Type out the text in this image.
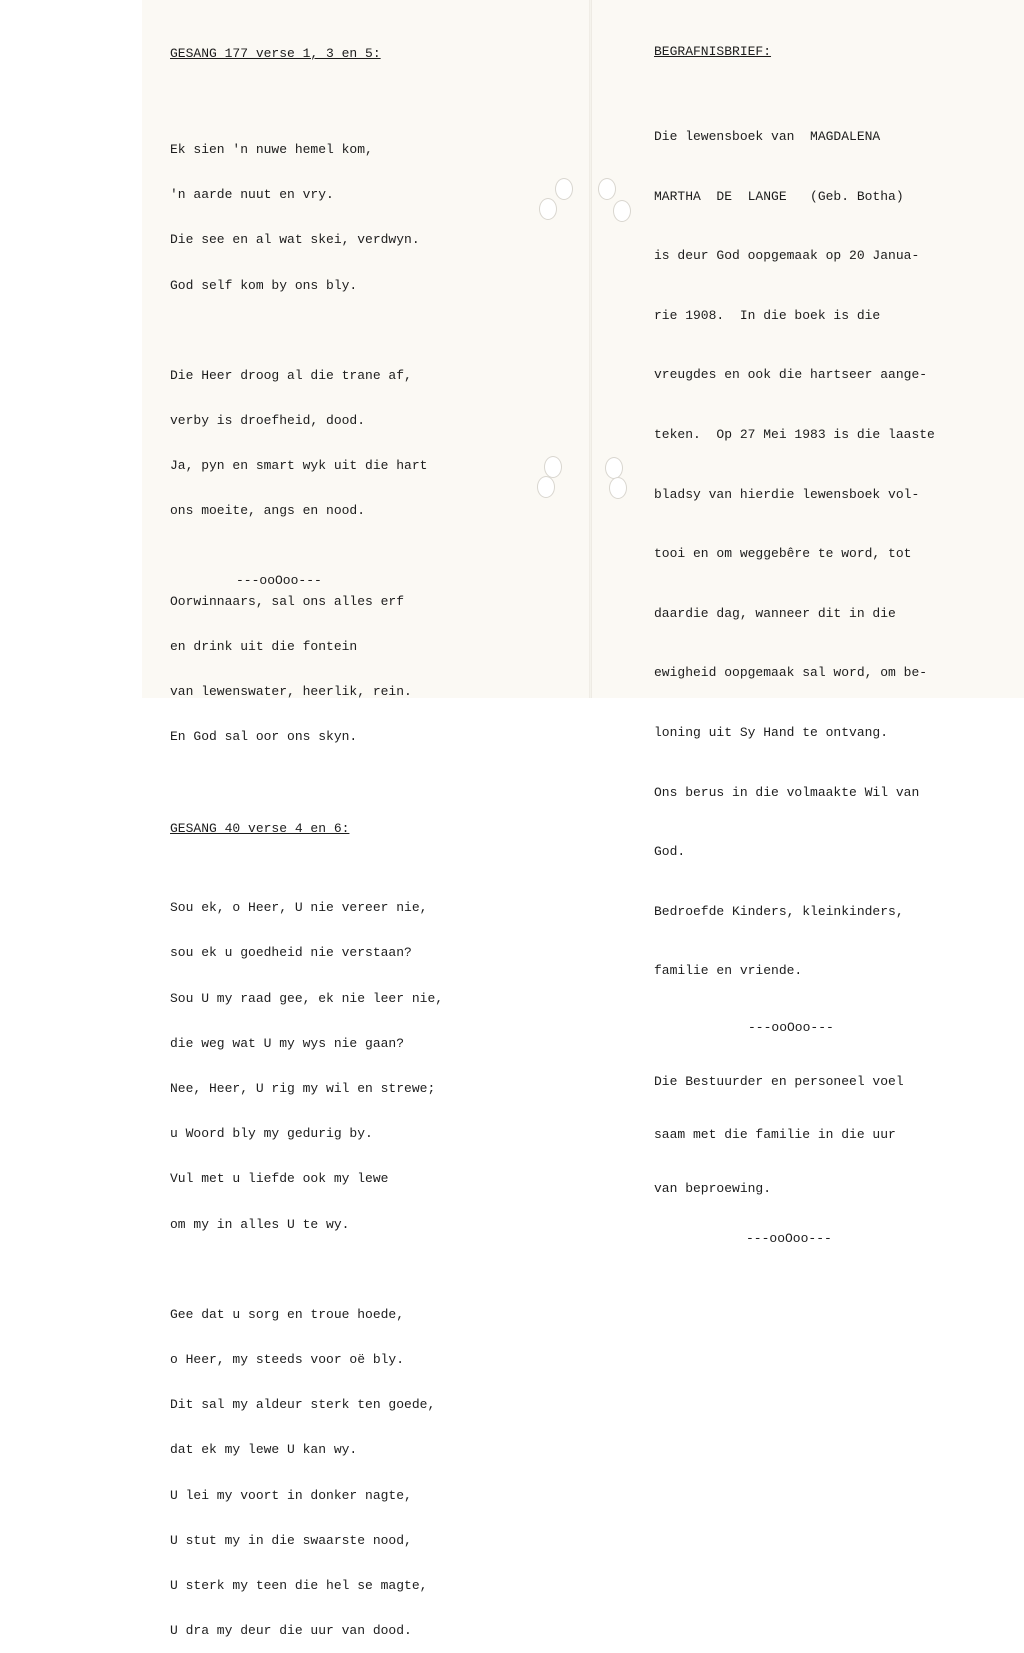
GESANG 177 verse 1, 3 en 5:

Ek sien 'n nuwe hemel kom,

'n aarde nuut en vry.

Die see en al wat skei, verdwyn.

God self kom by ons bly.

Die Heer droog al die trane af,

verby is droefheid, dood.

Ja, pyn en smart wyk uit die hart

ons moeite, angs en nood.

Oorwinnaars, sal ons alles erf

en drink uit die fontein

van lewenswater, heerlik, rein.

En God sal oor ons skyn.

GESANG 40 verse 4 en 6:

Sou ek, o Heer, U nie vereer nie,

sou ek u goedheid nie verstaan?

Sou U my raad gee, ek nie leer nie,

die weg wat U my wys nie gaan?

Nee, Heer, U rig my wil en strewe;

u Woord bly my gedurig by.

Vul met u liefde ook my lewe

om my in alles U te wy.

Gee dat u sorg en troue hoede,

o Heer, my steeds voor oë bly.

Dit sal my aldeur sterk ten goede,

dat ek my lewe U kan wy.

U lei my voort in donker nagte,

U stut my in die swaarste nood,

U sterk my teen die hel se magte,

U dra my deur die uur van dood.

---ooOoo---

BEGRAFNISBRIEF:

Die lewensboek van  MAGDALENA

MARTHA  DE  LANGE   (Geb. Botha)

is deur God oopgemaak op 20 Janua-

rie 1908.  In die boek is die

vreugdes en ook die hartseer aange-

teken.  Op 27 Mei 1983 is die laaste

bladsy van hierdie lewensboek vol-

tooi en om weggebêre te word, tot

daardie dag, wanneer dit in die

ewigheid oopgemaak sal word, om be-

loning uit Sy Hand te ontvang.

Ons berus in die volmaakte Wil van

God.

Bedroefde Kinders, kleinkinders,

familie en vriende.

---ooOoo---

Die Bestuurder en personeel voel

saam met die familie in die uur

van beproewing.

---ooOoo---
